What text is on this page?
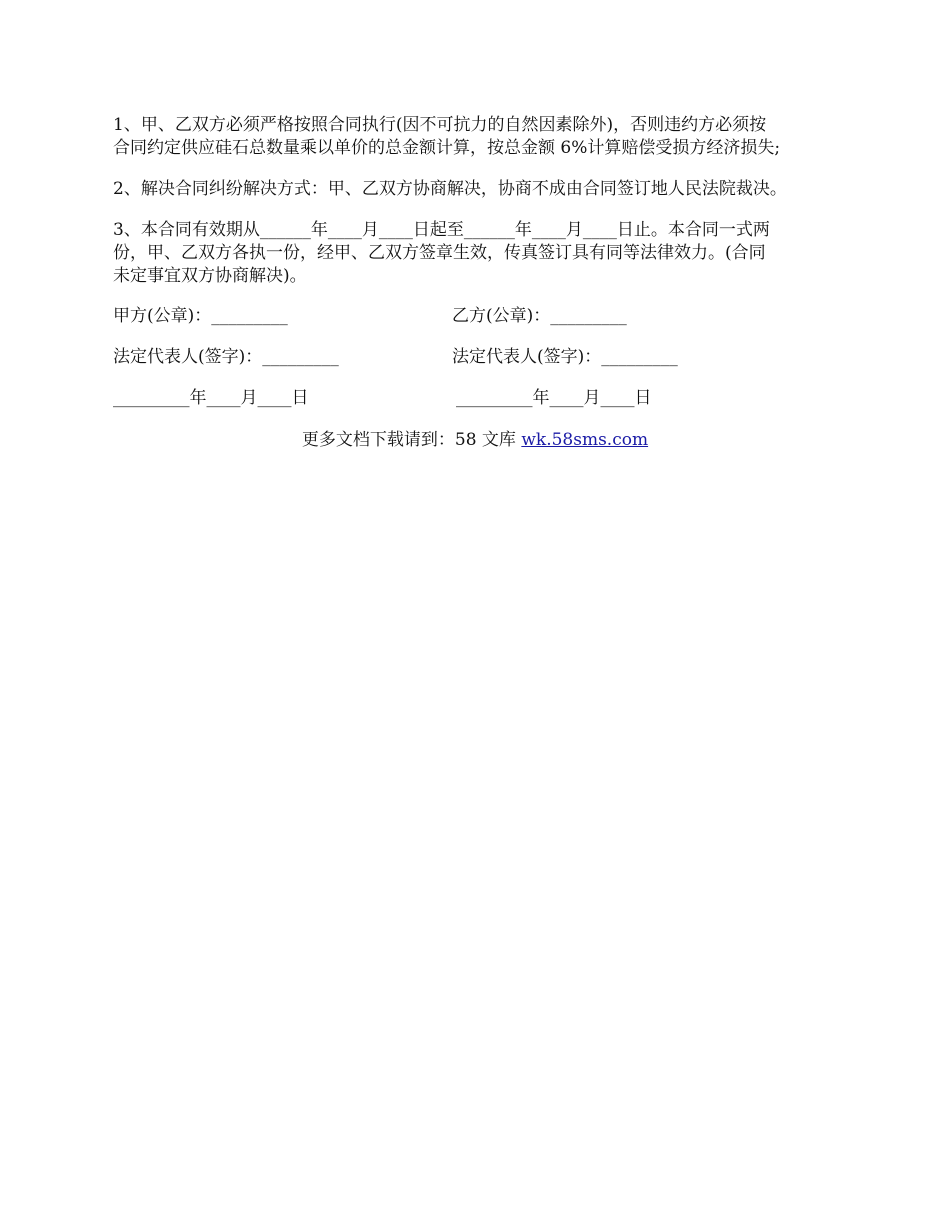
1、甲、乙双方必须严格按照合同执行(因不可抗力的自然因素除外)，否则违约方必须按
合同约定供应硅石总数量乘以单价的总金额计算，按总金额 6%计算赔偿受损方经济损失;
2、解决合同纠纷解决方式：甲、乙双方协商解决，协商不成由合同签订地人民法院裁决。
3、本合同有效期从______年____月____日起至______年____月____日止。本合同一式两
份，甲、乙双方各执一份，经甲、乙双方签章生效，传真签订具有同等法律效力。(合同
未定事宜双方协商解决)。
甲方(公章)：_________	乙方(公章)：_________
法定代表人(签字)：_________	法定代表人(签字)：_________
_________年____月____日	_________年____月____日
更多文档下载请到：58 文库 wk.58sms.com
